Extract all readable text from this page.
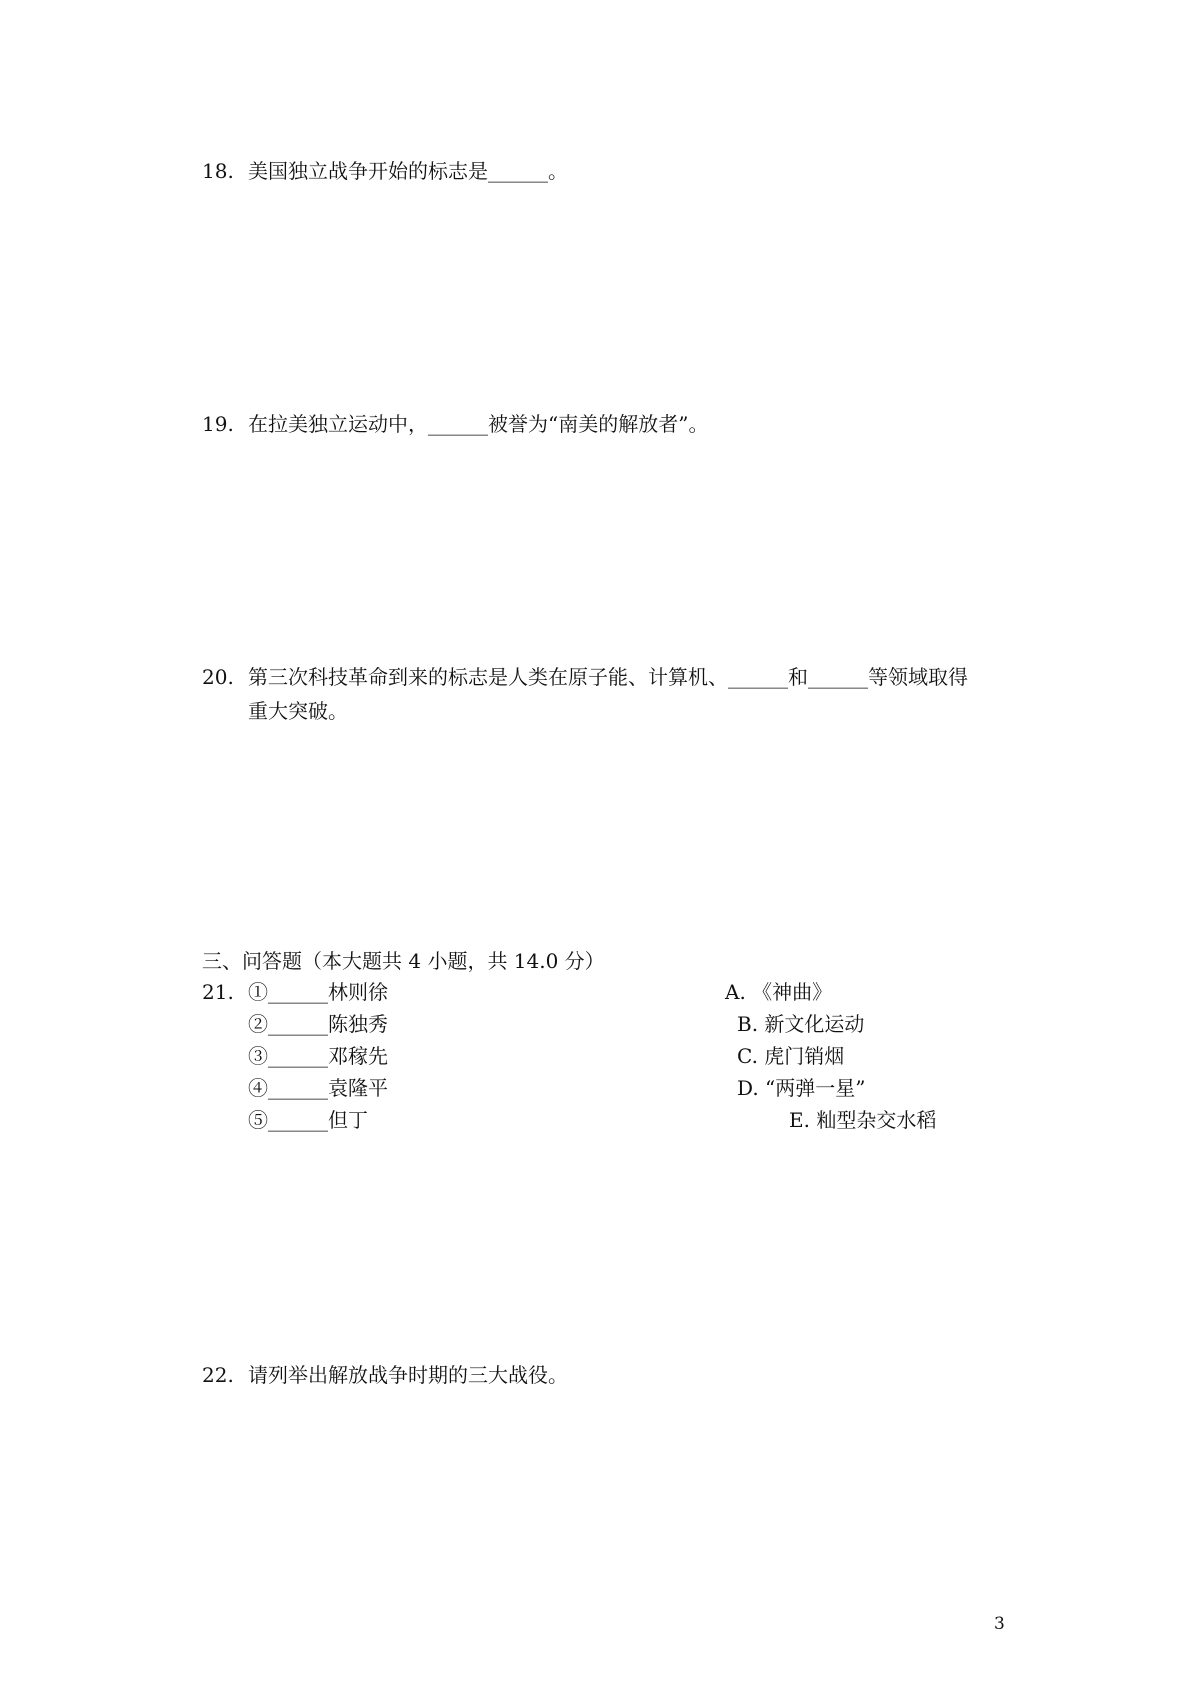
18. 美国独立战争开始的标志是______。
19. 在拉美独立运动中，______被誉为“南美的解放者”。
20. 第三次科技革命到来的标志是人类在原子能、计算机、______和______等领域取得
重大突破。
三、问答题（本大题共 4 小题，共 14.0 分）
21. ①______林则徐
②______陈独秀
③______邓稼先
④______袁隆平
⑤______但丁
A. 《神曲》
B. 新文化运动
C. 虎门销烟
D. “两弹一星”
E. 籼型杂交水稻
22. 请列举出解放战争时期的三大战役。
3
